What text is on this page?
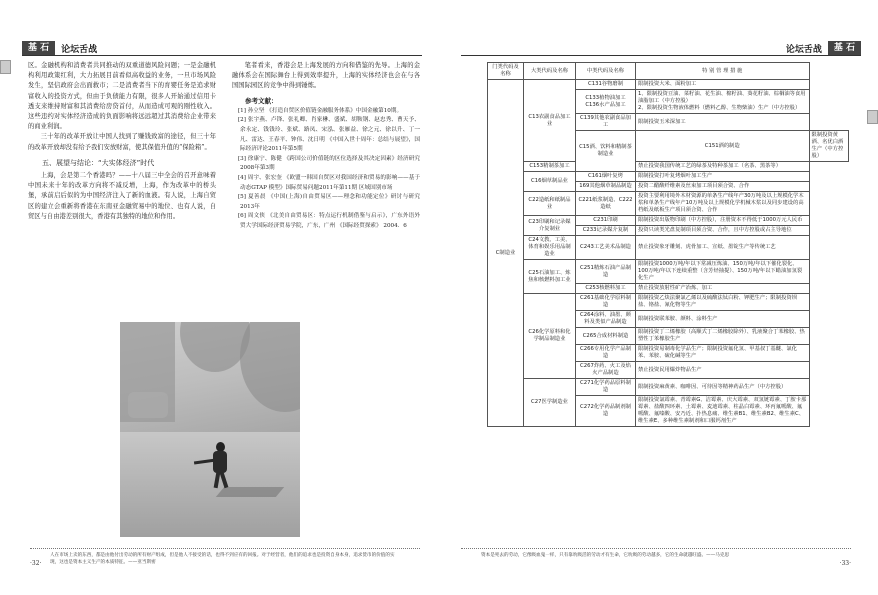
基 石	论坛舌战

区。金融机构和消费者共同推动的双重道德风险问题；一是金融机构利用政策红利，大力拓展目前看似高收益的业务，一旦市场风险发生，坚信政府会出面救市；二是消费者当下的育婴任务是追求财富收入的投资方式，但由于负债能力有限，很多人开始通过信用卡透支来维持财富和其消费给房贷首付，从而造成可观的刚性收入。这些违约对实体经济造成的负面影响将远远超过其消费给企业带来的商业利润。

三十年的改革开放让中国人找到了赚钱致富的途径，但三十年的改革开放却没有给予我们安放财富，使其保值升值的“保险箱”。

五、展望与结论：“大实体经济”时代

上海，会是第二个香港吗？——十八届三中全会的召开意味着中国未来十年的改革方向将不减反增，上海，作为改革中的桥头堡，承前启后似的为中国经济注入了新的血液。有人说，上海自贸区的建立会重新将香港在东南亚金融贸易中的地位、也有人说，自贸区与自由港差别很大，香港有其独特的地位和作用。

笔者看来，香港会是上海发展的方向和借鉴的先导。上海的金融体系会在国际舞台上得到效率提升，上海的实体经济也会在与各国国际园区的竞争中得到锤炼。

参考文献：
[1] 孙立坚 《打造自贸区价值链金融服务体系》中国金融第10期。
[2] 张宇燕、卢锋、张礼卿、肖家楙、盛斌、胡鞍钢、赵忠秀、曹天予、余永定、钱钱玲、张斌、路凤、宋泓、张雁益、徐之元、徐以升、丁一凡、雷达、王春平、钟伟、沈日明 《中国入世十周年：总结与展望》，国际经济评论2011年第5期
[3] 徐康宁、陈健 《跨国公司价值链的区位选择及其决定因素》经济研究2008年第3期
[4] 周宇、张宏奎 《欧盟一韩国自贸区对我国经济和贸易的影响——基于动态GTAP 模型》国际贸易问题2011年第11期 区域国别市场
[5] 夏善晨 《中国(上海)自由贸易区——理念和功能定位》研讨与研究2013年
[6] 周文侠 《北美自由贸易区：特点运行机制借鉴与启示》，广东外语外贸大学国际经济贸易学院，广东，广州 《国际经贸探索》 2004．6
·32·
人在市场上卖的东西，都是由他付出劳动的所有财产组成，但是他人不接受的话，也得不到应有的回报。对于经营者，他们的追求也是投资自身本身，追求货币的价值的实现，这也是资本主义生产的本质特征。——亚当斯密
论坛舌战	基 石
门类代码及名称	大类代码及名称	中类代码及名称	特 别 管 理 措 施	
C制造业	C13农副食品加工业	C131谷物磨制	限制投资大米、面粉加工	
		C133植物油加工 C136水产品加工	1、限制投资豆油、菜籽油、花生油、棉籽油、葵花籽油、棕榈油等食用油脂加工（中方控股）
2、限制投资生物液体燃料（燃料乙醇、生物柴油）生产（中方控股）	
		C139其他农副食品加工	限制投资玉米深加工	
		C15酒、饮料和精制茶制造业	C151酒的制造	限制投资黄酒、名优白酒生产（中方控股）
	C153精制茶加工		禁止投资我国传统工艺的绿茶及特种茶加工（名茶、黑茶等）	
	C16烟草制品业	C161烟叶复烤	限制投资打叶复烤烟叶加工生产	
		169其他烟草制品制造	投资二醋酸纤维素及丝束加工项目须合资、合作	
	C22造纸和纸制品业	C221纸浆制造、C222造纸	投资主要利用境外木材资源的单条生产线年产30万吨及以上规模化学木浆和单条生产线年产10万吨及以上规模化学机械木浆以及同步建设的高档纸及纸板生产项目须合资、合作	
	C23印刷和记录媒介复制业	C231印刷	限制投资出版物印刷（中方控股），注册资本不得低于1000万元人民币	
		C233记录媒介复制	投资只读类光盘复制项目须合资、合作，且中方控股或占主导地位	
	C24文教、工美、体育和娱乐用品制造业	C243工艺美术品制造	禁止投资象牙雕刻、虎骨加工、宣纸、墨锭生产等传统工艺	
	C25石油加工、炼焦和核燃料加工业	C251精炼石油产品制造	限制投资1000万吨/年以下常减压炼油、150万吨/年以下催化裂化、100万吨/年以下连续重整（含芳烃抽提）、150万吨/年以下蜡油加氢裂化生产	
		C253核燃料加工	禁止投资放射性矿产冶炼、加工	
	C26化学原料和化学制品制造业	C261基础化学原料制造	限制投资乙炔法聚氯乙烯以及硫酸法钛白粉、钾肥生产；限制投资钡盐、铬盐、氰化物等生产	
		C264涂料、油墨、颜料及类似产品制造	限制投资联苯胺、颜料、涂料生产	
		C265合成材料制造	限制投资丁二烯橡胶（高顺式丁二烯橡胶除外）、乳液聚合丁苯橡胶、热塑性丁苯橡胶生产	
		C266专用化学产品制造	限制投资易制毒化学品生产；限制投资氟化氢、甲基叔丁基醚、氯化苯、苯胺、硫化碱等生产	
		C267炸药、火工及焰火产品制造	禁止投资民用爆炸物品生产	
	C27医学制造业	C271化学药品原料制造	限制投资麻黄素、咖啡因、可待因等精神药品生产（中方控股）	
		C272化学药品制剂制造	限制投资氯霉素、青霉素G、洁霉素、庆大霉素、双氢链霉素、丁胺卡那霉素、盐酸四环素、土霉素、麦迪霉素、柱晶白霉素、环丙氟哌酸、氟哌酸、氟嗪酸、安乃近、扑热息痛、维生素B1、维生素B2、维生素C、维生素E、多种维生素制剂和口服钙剂生产	
资本是死去的劳动，它像吸血鬼一样，只有靠吮吸活的劳动才有生命，它吮吸的劳动越多，它的生命就越旺盛。——马克思
·33·
